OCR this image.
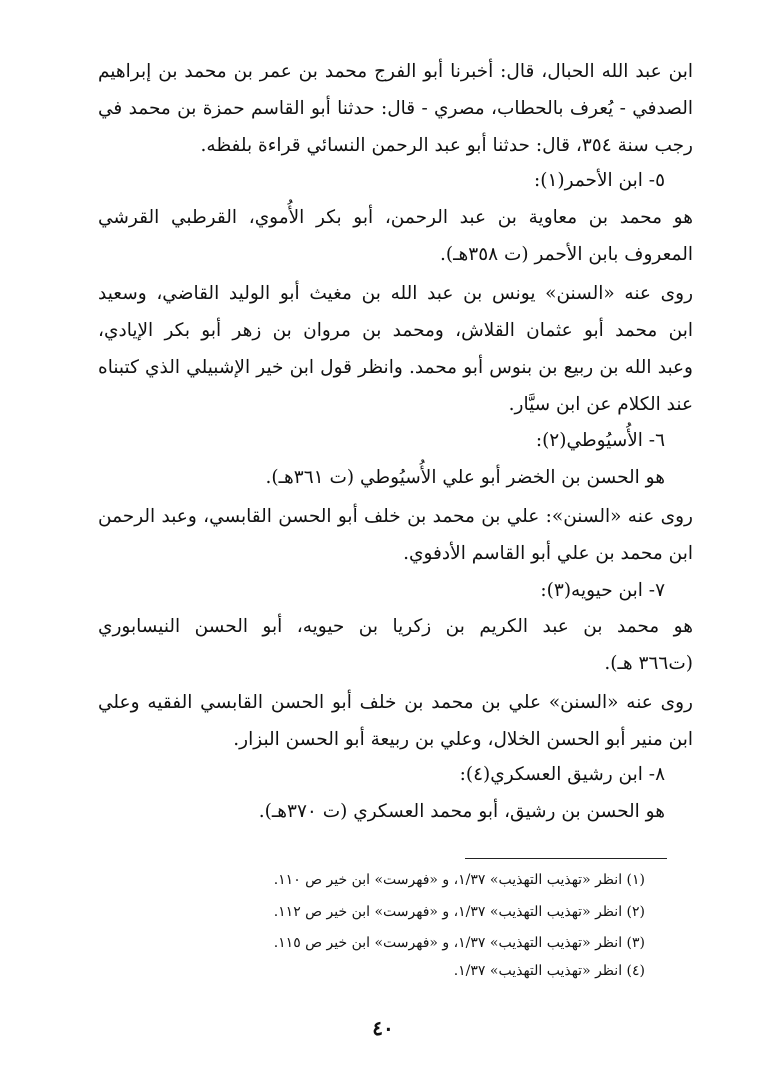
ابن عبد الله الحبال، قال: أخبرنا أبو الفرج محمد بن عمر بن محمد بن إبراهيم
الصدفي - يُعرف بالحطاب، مصري - قال: حدثنا أبو القاسم حمزة بن محمد في
رجب سنة ٣٥٤، قال: حدثنا أبو عبد الرحمن النسائي قراءة بلفظه.
٥- ابن الأحمر(١):
هو محمد بن معاوية بن عبد الرحمن، أبو بكر الأُموي، القرطبي القرشي
المعروف بابن الأحمر (ت ٣٥٨هـ).
روى عنه «السنن» يونس بن عبد الله بن مغيث أبو الوليد القاضي، وسعيد
ابن محمد أبو عثمان القلاش، ومحمد بن مروان بن زهر أبو بكر الإيادي،
وعبد الله بن ربيع بن بنوس أبو محمد. وانظر قول ابن خير الإشبيلي الذي كتبناه
عند الكلام عن ابن سيَّار.
٦- الأُسيُوطي(٢):
هو الحسن بن الخضر أبو علي الأُسيُوطي (ت ٣٦١هـ).
روى عنه «السنن»: علي بن محمد بن خلف أبو الحسن القابسي، وعبد الرحمن
ابن محمد بن علي أبو القاسم الأدفوي.
٧- ابن حيويه(٣):
هو محمد بن عبد الكريم بن زكريا بن حيويه، أبو الحسن النيسابوري
(ت٣٦٦ هـ).
روى عنه «السنن» علي بن محمد بن خلف أبو الحسن القابسي الفقيه وعلي
ابن منير أبو الحسن الخلال، وعلي بن ربيعة أبو الحسن البزار.
٨- ابن رشيق العسكري(٤):
هو الحسن بن رشيق، أبو محمد العسكري (ت ٣٧٠هـ).
(١) انظر «تهذيب التهذيب» ١/٣٧، و «فهرست» ابن خير ص ١١٠.
(٢) انظر «تهذيب التهذيب» ١/٣٧، و «فهرست» ابن خير ص ١١٢.
(٣) انظر «تهذيب التهذيب» ١/٣٧، و «فهرست» ابن خير ص ١١٥.
(٤) انظر «تهذيب التهذيب» ١/٣٧.
٤٠
